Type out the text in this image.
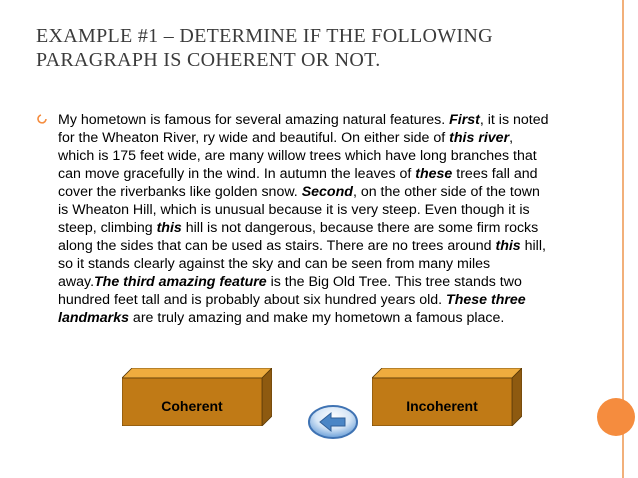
EXAMPLE #1 – DETERMINE IF THE FOLLOWING PARAGRAPH IS COHERENT OR NOT.

My hometown is famous for several amazing natural features. First, it is noted for the Wheaton River, ry wide and beautiful. On either side of this river, which is 175 feet wide, are many willow trees which have long branches that can move gracefully in the wind. In autumn the leaves of these trees fall and cover the riverbanks like golden snow. Second, on the other side of the town is Wheaton Hill, which is unusual because it is very steep. Even though it is steep, climbing this hill is not dangerous, because there are some firm rocks along the sides that can be used as stairs. There are no trees around this hill, so it stands clearly against the sky and can be seen from many miles away.The third amazing feature is the Big Old Tree. This tree stands two hundred feet tall and is probably about six hundred years old. These three landmarks are truly amazing and make my hometown a famous place.

Coherent	Incoherent
